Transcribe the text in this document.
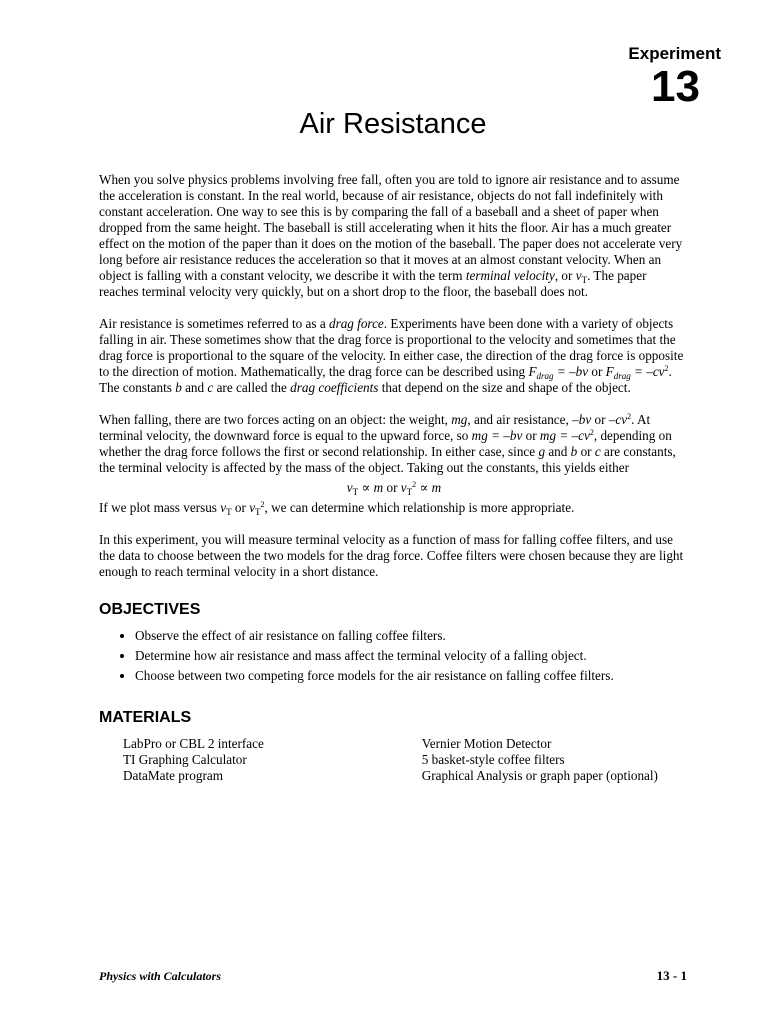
Experiment
13
Air Resistance

When you solve physics problems involving free fall, often you are told to ignore air resistance and to assume the acceleration is constant. In the real world, because of air resistance, objects do not fall indefinitely with constant acceleration. One way to see this is by comparing the fall of a baseball and a sheet of paper when dropped from the same height. The baseball is still accelerating when it hits the floor. Air has a much greater effect on the motion of the paper than it does on the motion of the baseball. The paper does not accelerate very long before air resistance reduces the acceleration so that it moves at an almost constant velocity. When an object is falling with a constant velocity, we describe it with the term terminal velocity, or $v_T$. The paper reaches terminal velocity very quickly, but on a short drop to the floor, the baseball does not.

Air resistance is sometimes referred to as a drag force. Experiments have been done with a variety of objects falling in air. These sometimes show that the drag force is proportional to the velocity and sometimes that the drag force is proportional to the square of the velocity. In either case, the direction of the drag force is opposite to the direction of motion. Mathematically, the drag force can be described using $F_{drag} = -bv$ or $F_{drag} = -cv^2$. The constants b and c are called the drag coefficients that depend on the size and shape of the object.

When falling, there are two forces acting on an object: the weight, mg, and air resistance, –bv or $-cv^2$. At terminal velocity, the downward force is equal to the upward force, so mg = –bv or mg = $-cv^2$, depending on whether the drag force follows the first or second relationship. In either case, since g and b or c are constants, the terminal velocity is affected by the mass of the object. Taking out the constants, this yields either

$v_T \propto m$ or $v_T^2 \propto m$

If we plot mass versus $v_T$ or $v_T^2$, we can determine which relationship is more appropriate.

In this experiment, you will measure terminal velocity as a function of mass for falling coffee filters, and use the data to choose between the two models for the drag force. Coffee filters were chosen because they are light enough to reach terminal velocity in a short distance.

OBJECTIVES
• Observe the effect of air resistance on falling coffee filters.
• Determine how air resistance and mass affect the terminal velocity of a falling object.
• Choose between two competing force models for the air resistance on falling coffee filters.
MATERIALS
LabPro or CBL 2 interface
TI Graphing Calculator
DataMate program
Vernier Motion Detector
5 basket-style coffee filters
Graphical Analysis or graph paper (optional)
Physics with Calculators	13 - 1
